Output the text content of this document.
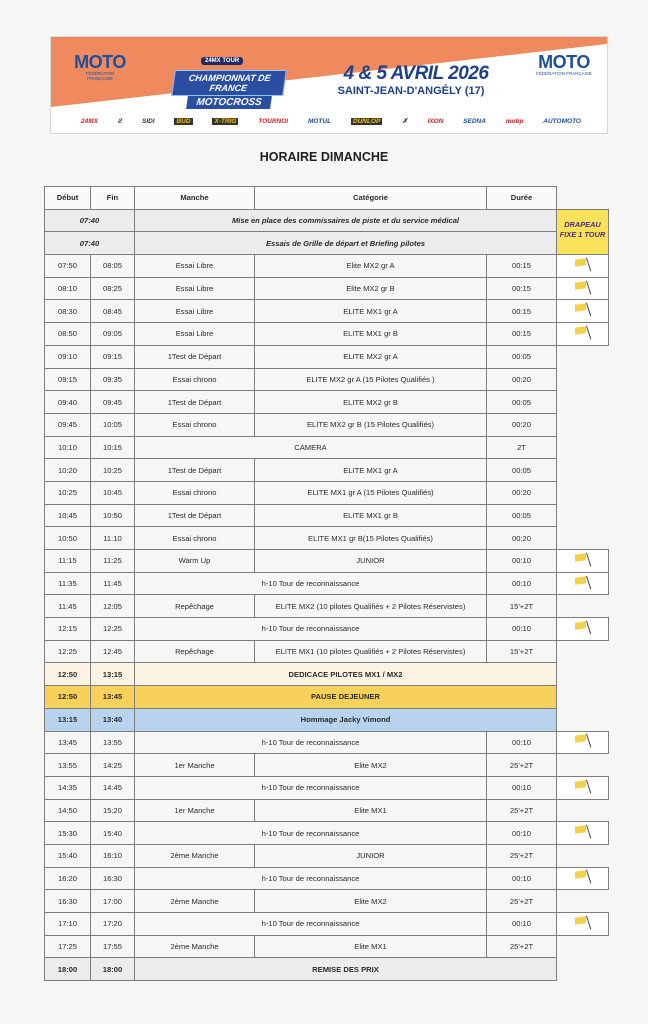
MOTO
FÉDÉRATION FRANÇAISE
24MX TOUR
CHAMPIONNAT DE FRANCE
MOTOCROSS
4 & 5 AVRIL 2026
SAINT-JEAN-D'ANGÉLY (17)
MOTO
FÉDÉRATION FRANÇAISE
24MX	Ƨ	SIDI	BUD	X-TRIG	TOURNOI	MOTUL	DUNLOP	✗	IXON	SEDNA	motip	AUTOMOTO
HORAIRE DIMANCHE
Début	Fin	Manche	Catégorie	Durée	
07:40		Mise en place des commissaires de piste et du service médical			DRAPEAU FIXE 1 TOUR
07:40		Essais de Grille de départ et Briefing pilotes			
07:50	08:05	Essai Libre	Elite MX2 gr A	00:15	

08:10	08:25	Essai Libre	Elite MX2 gr B	00:15	

08:30	08:45	Essai Libre	ELITE MX1 gr A	00:15	

08:50	09:05	Essai Libre	ELITE MX1 gr B	00:15	

09:10	09:15	1Test de Départ	ELITE MX2 gr A	00:05	
09:15	09:35	Essai chrono	ELITE MX2 gr A (15 Pilotes Qualifiés )	00:20	
09:40	09:45	1Test de Départ	ELITE MX2 gr B	00:05	
09:45	10:05	Essai chrono	ELITE MX2 gr B (15 Pilotes Qualifiés)	00:20	
10:10	10:15	CAMERA		2T	
10:20	10:25	1Test de Départ	ELITE MX1 gr A	00:05	
10:25	10:45	Essai chrono	ELITE MX1 gr A (15 Pilotes Qualifiés)	00:20	
10:45	10:50	1Test de Départ	ELITE MX1 gr B	00:05	
10:50	11:10	Essai chrono	ELITE MX1 gr B(15 Pilotes Qualifiés)	00:20	
11:15	11:25	Warm Up	JUNIOR	00:10	

11:35	11:45	h-10 Tour de reconnaissance		00:10	

11:45	12:05	Repêchage	ELITE MX2 (10 pilotes Qualifiés + 2 Pilotes Réservistes)	15'+2T	
12:15	12:25	h-10 Tour de reconnaissance		00:10	

12:25	12:45	Repêchage	ELITE MX1 (10 pilotes Qualifiés + 2 Pilotes Réservistes)	15'+2T	
12:50	13:15	DEDICACE PILOTES MX1 / MX2			
12:50	13:45	PAUSE DEJEUNER			
13:15	13:40	Hommage Jacky Vimond			
13:45	13:55	h-10 Tour de reconnaissance		00:10	

13:55	14:25	1er Manche	Elite MX2	25'+2T	
14:35	14:45	h-10 Tour de reconnaissance		00:10	

14:50	15:20	1er Manche	Elite MX1	25'+2T	
15:30	15:40	h-10 Tour de reconnaissance		00:10	

15:40	16:10	2ème Manche	JUNIOR	25'+2T	
16:20	16:30	h-10 Tour de reconnaissance		00:10	

16:30	17:00	2ème Manche	Elite MX2	25'+2T	
17:10	17:20	h-10 Tour de reconnaissance		00:10	

17:25	17:55	2ème Manche	Elite MX1	25'+2T	
18:00	18:00	REMISE DES PRIX			
